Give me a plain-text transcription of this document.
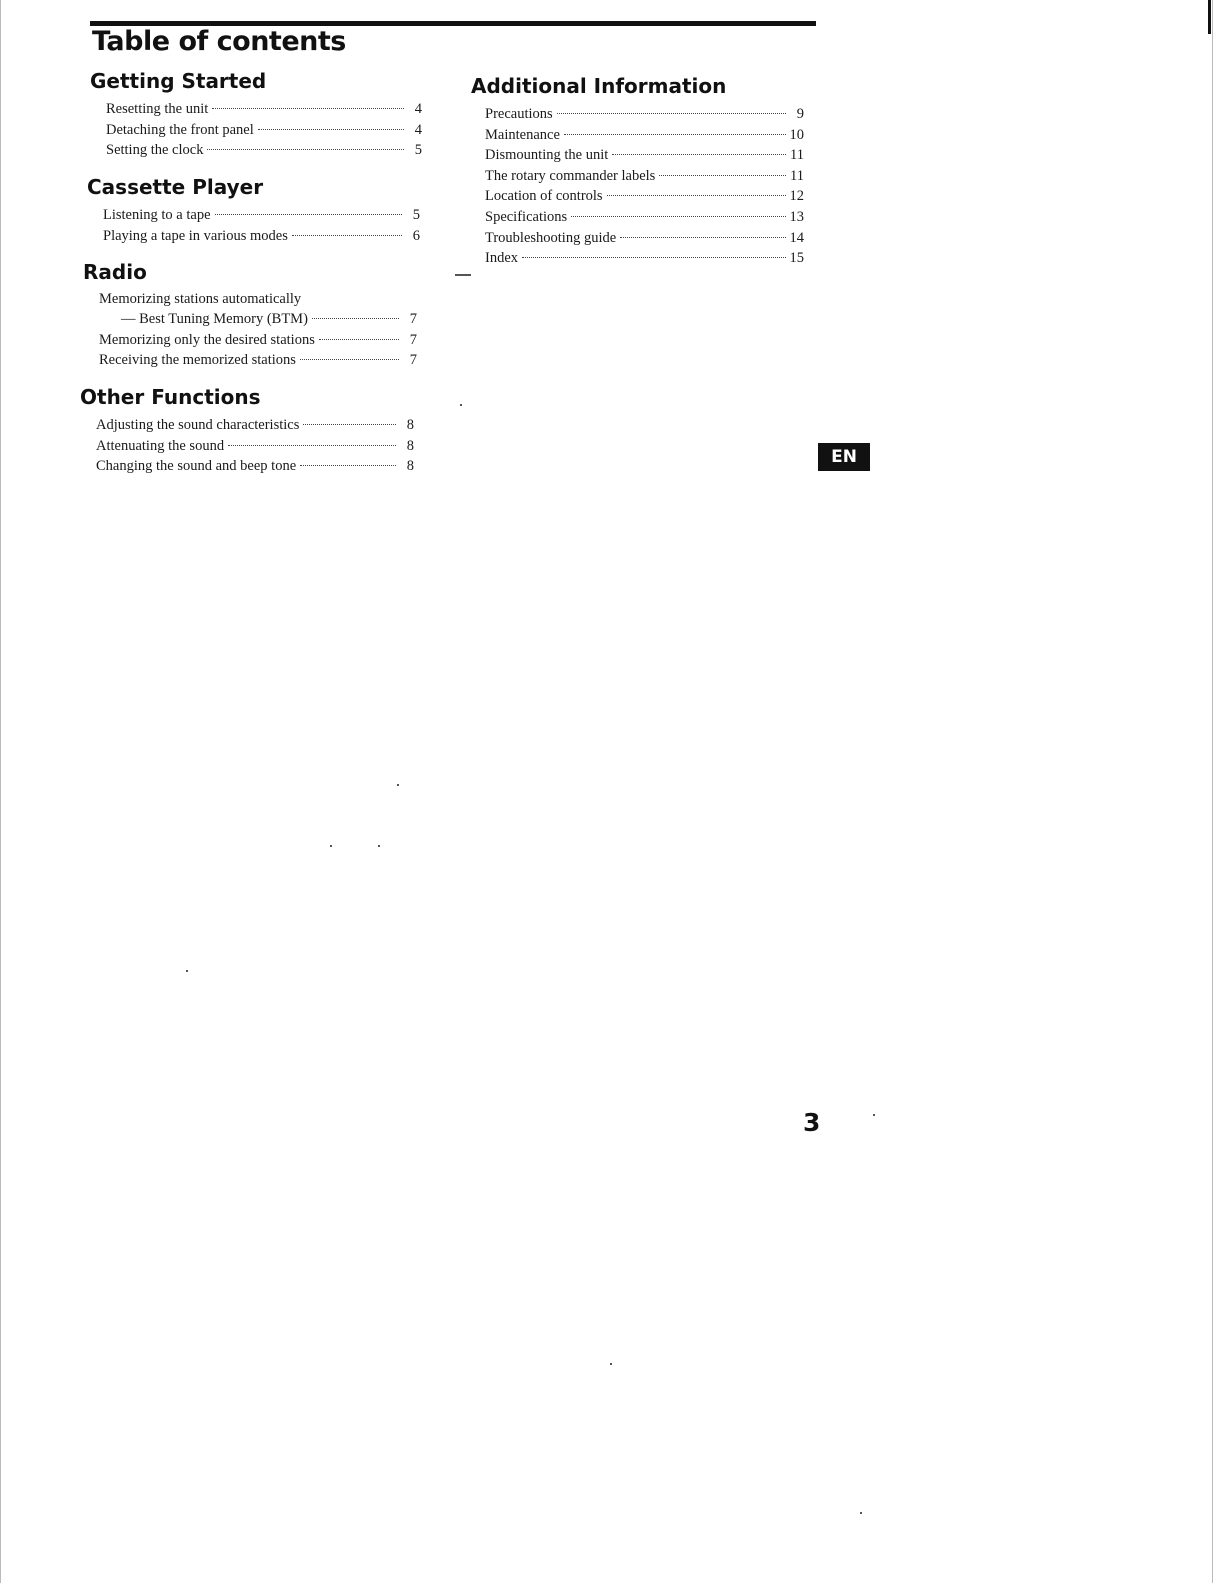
Table of contents
Getting Started
Resetting the unit	4
Detaching the front panel	4
Setting the clock	5
Cassette Player
Listening to a tape	5
Playing a tape in various modes	6
Radio
Memorizing stations automatically
— Best Tuning Memory (BTM)	7
Memorizing only the desired stations	7
Receiving the memorized stations	7
Other Functions
Adjusting the sound characteristics	8
Attenuating the sound	8
Changing the sound and beep tone	8
Additional Information
Precautions	9
Maintenance	10
Dismounting the unit	11
The rotary commander labels	11
Location of controls	12
Specifications	13
Troubleshooting guide	14
Index	15
EN
3
